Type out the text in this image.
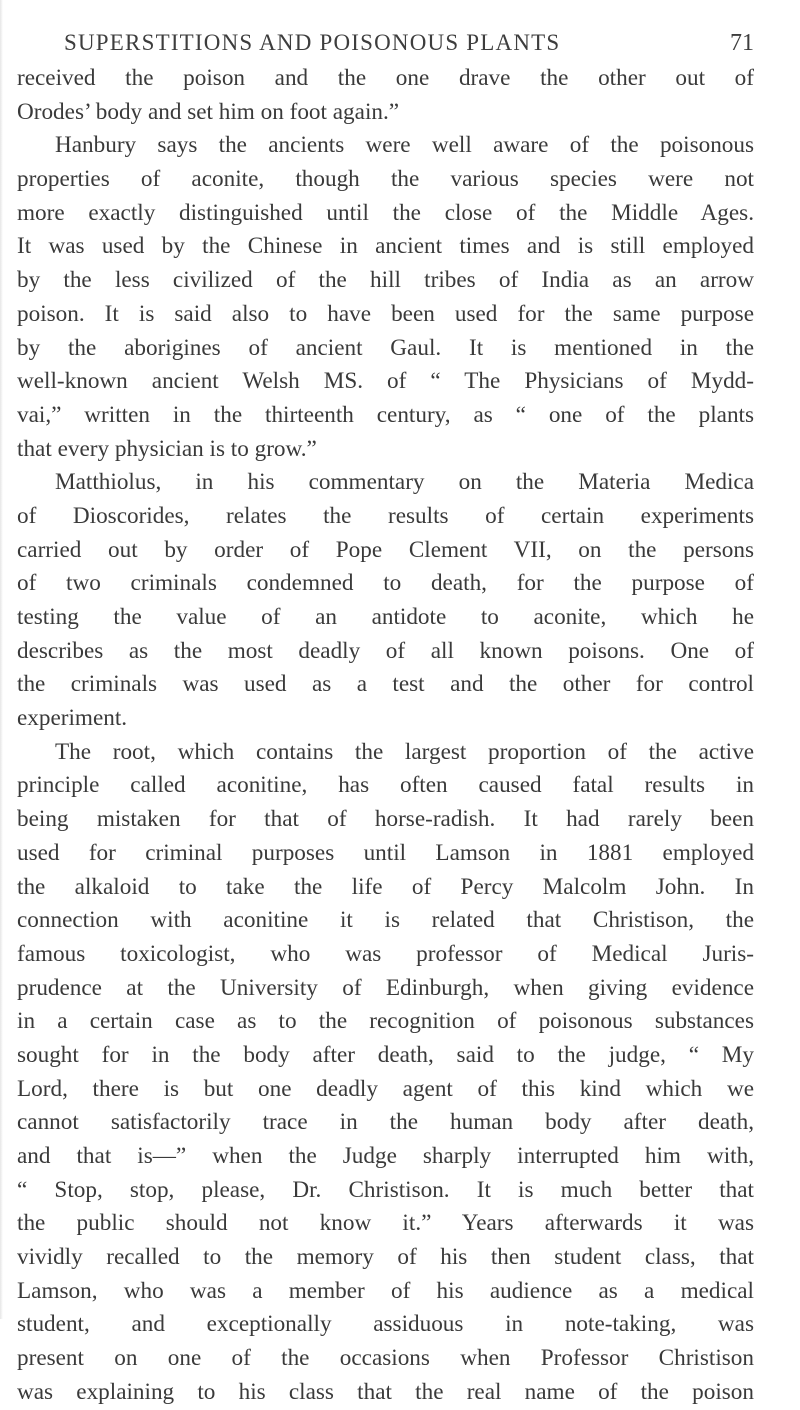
SUPERSTITIONS AND POISONOUS PLANTS	71
received the poison and the one drave the other out of
Orodes’ body and set him on foot again.”
Hanbury says the ancients were well aware of the poisonous
properties of aconite, though the various species were not
more exactly distinguished until the close of the Middle Ages.
It was used by the Chinese in ancient times and is still employed
by the less civilized of the hill tribes of India as an arrow
poison. It is said also to have been used for the same purpose
by the aborigines of ancient Gaul. It is mentioned in the
well-known ancient Welsh MS. of “ The Physicians of Mydd-
vai,” written in the thirteenth century, as “ one of the plants
that every physician is to grow.”
Matthiolus, in his commentary on the Materia Medica
of Dioscorides, relates the results of certain experiments
carried out by order of Pope Clement VII, on the persons
of two criminals condemned to death, for the purpose of
testing the value of an antidote to aconite, which he
describes as the most deadly of all known poisons. One of
the criminals was used as a test and the other for control
experiment.
The root, which contains the largest proportion of the active
principle called aconitine, has often caused fatal results in
being mistaken for that of horse-radish. It had rarely been
used for criminal purposes until Lamson in 1881 employed
the alkaloid to take the life of Percy Malcolm John. In
connection with aconitine it is related that Christison, the
famous toxicologist, who was professor of Medical Juris-
prudence at the University of Edinburgh, when giving evidence
in a certain case as to the recognition of poisonous substances
sought for in the body after death, said to the judge, “ My
Lord, there is but one deadly agent of this kind which we
cannot satisfactorily trace in the human body after death,
and that is—” when the Judge sharply interrupted him with,
“ Stop, stop, please, Dr. Christison. It is much better that
the public should not know it.” Years afterwards it was
vividly recalled to the memory of his then student class, that
Lamson, who was a member of his audience as a medical
student, and exceptionally assiduous in note-taking, was
present on one of the occasions when Professor Christison
was explaining to his class that the real name of the poison
